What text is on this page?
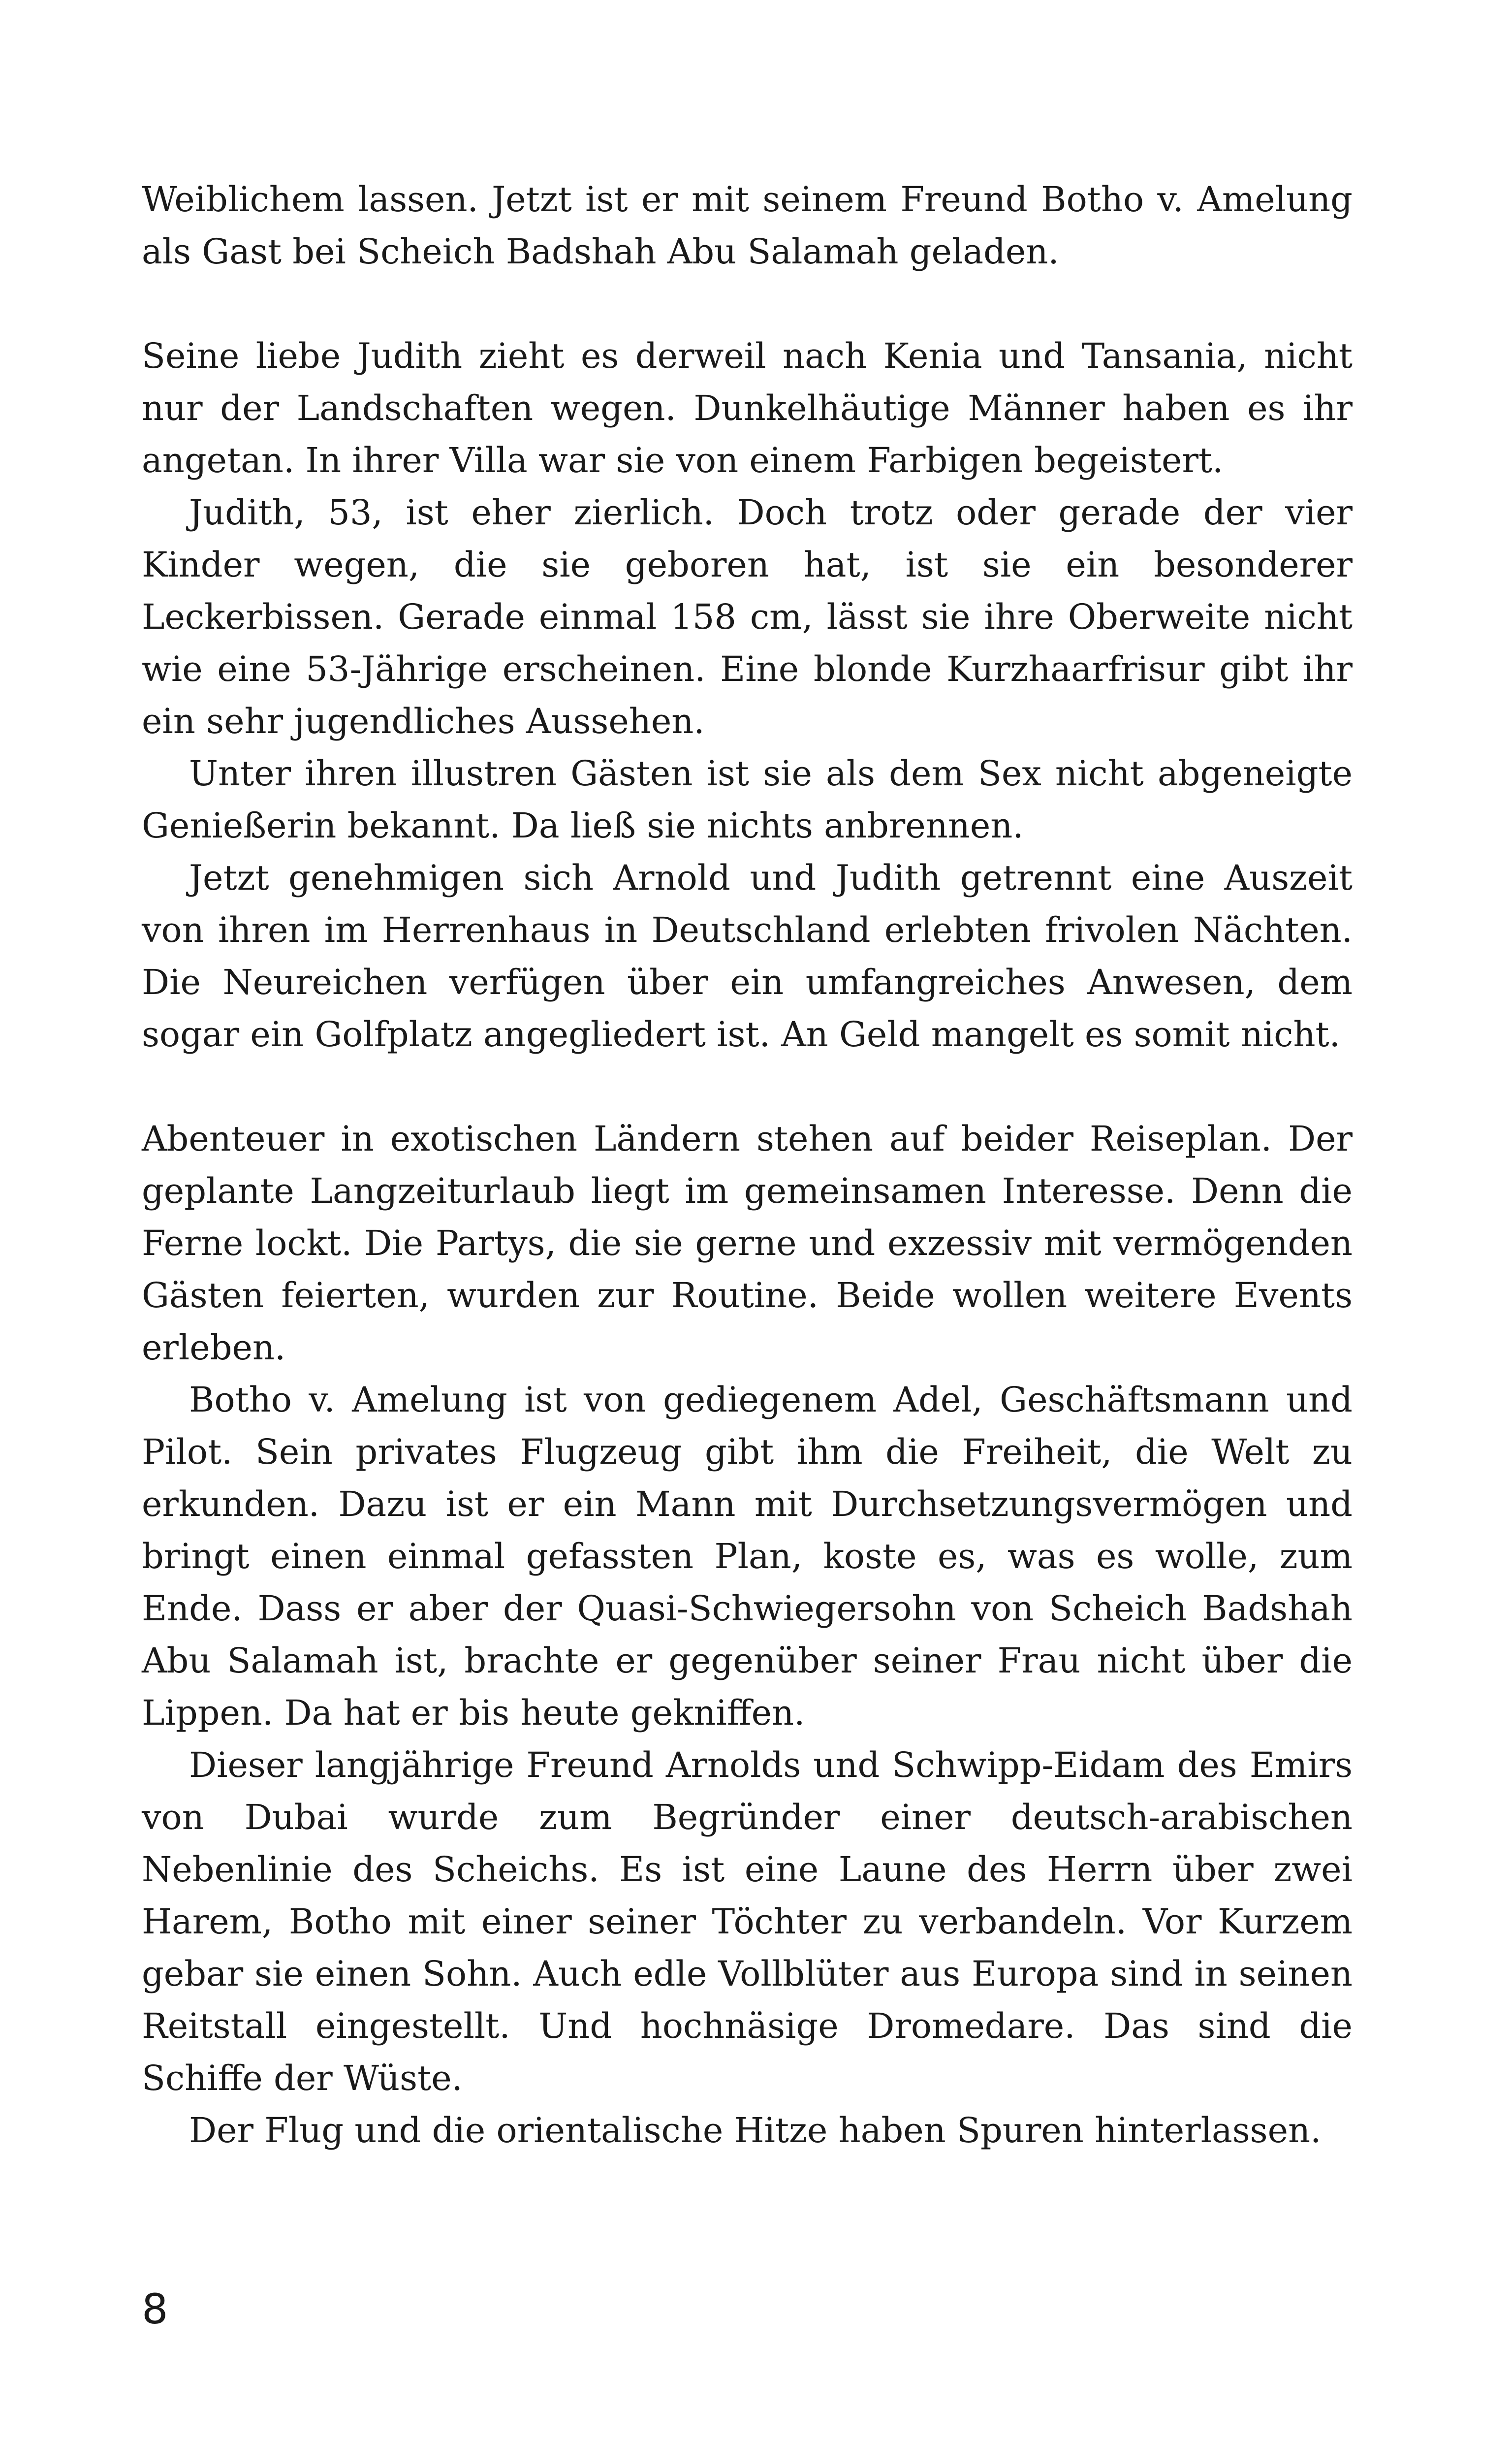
Weiblichem lassen. Jetzt ist er mit seinem Freund Botho v. Amelung als Gast bei Scheich Badshah Abu Salamah geladen.

Seine liebe Judith zieht es derweil nach Kenia und Tansania, nicht nur der Landschaften wegen. Dunkelhäutige Männer haben es ihr angetan. In ihrer Villa war sie von einem Farbigen begeistert.

Judith, 53, ist eher zierlich. Doch trotz oder gerade der vier Kinder wegen, die sie geboren hat, ist sie ein besonderer Leckerbissen. Gerade einmal 158 cm, lässt sie ihre Oberweite nicht wie eine 53-Jährige erscheinen. Eine blonde Kurzhaarfrisur gibt ihr ein sehr jugendliches Aussehen.

Unter ihren illustren Gästen ist sie als dem Sex nicht abgeneigte Genießerin bekannt. Da ließ sie nichts anbrennen.

Jetzt genehmigen sich Arnold und Judith getrennt eine Auszeit von ihren im Herrenhaus in Deutschland erlebten frivolen Nächten. Die Neureichen verfügen über ein umfangreiches Anwesen, dem sogar ein Golfplatz angegliedert ist. An Geld mangelt es somit nicht.

Abenteuer in exotischen Ländern stehen auf beider Reiseplan. Der geplante Langzeiturlaub liegt im gemeinsamen Interesse. Denn die Ferne lockt. Die Partys, die sie gerne und exzessiv mit vermögenden Gästen feierten, wurden zur Routine. Beide wollen weitere Events erleben.

Botho v. Amelung ist von gediegenem Adel, Geschäftsmann und Pilot. Sein privates Flugzeug gibt ihm die Freiheit, die Welt zu erkunden. Dazu ist er ein Mann mit Durchsetzungsvermögen und bringt einen einmal gefassten Plan, koste es, was es wolle, zum Ende. Dass er aber der Quasi-Schwiegersohn von Scheich Badshah Abu Salamah ist, brachte er gegenüber seiner Frau nicht über die Lippen. Da hat er bis heute gekniffen.

Dieser langjährige Freund Arnolds und Schwipp-Eidam des Emirs von Dubai wurde zum Begründer einer deutsch-arabischen Nebenlinie des Scheichs. Es ist eine Laune des Herrn über zwei Harem, Botho mit einer seiner Töchter zu verbandeln. Vor Kurzem gebar sie einen Sohn. Auch edle Vollblüter aus Europa sind in seinen Reitstall eingestellt. Und hochnäsige Dromedare. Das sind die Schiffe der Wüste.

Der Flug und die orientalische Hitze haben Spuren hinterlassen.

8
